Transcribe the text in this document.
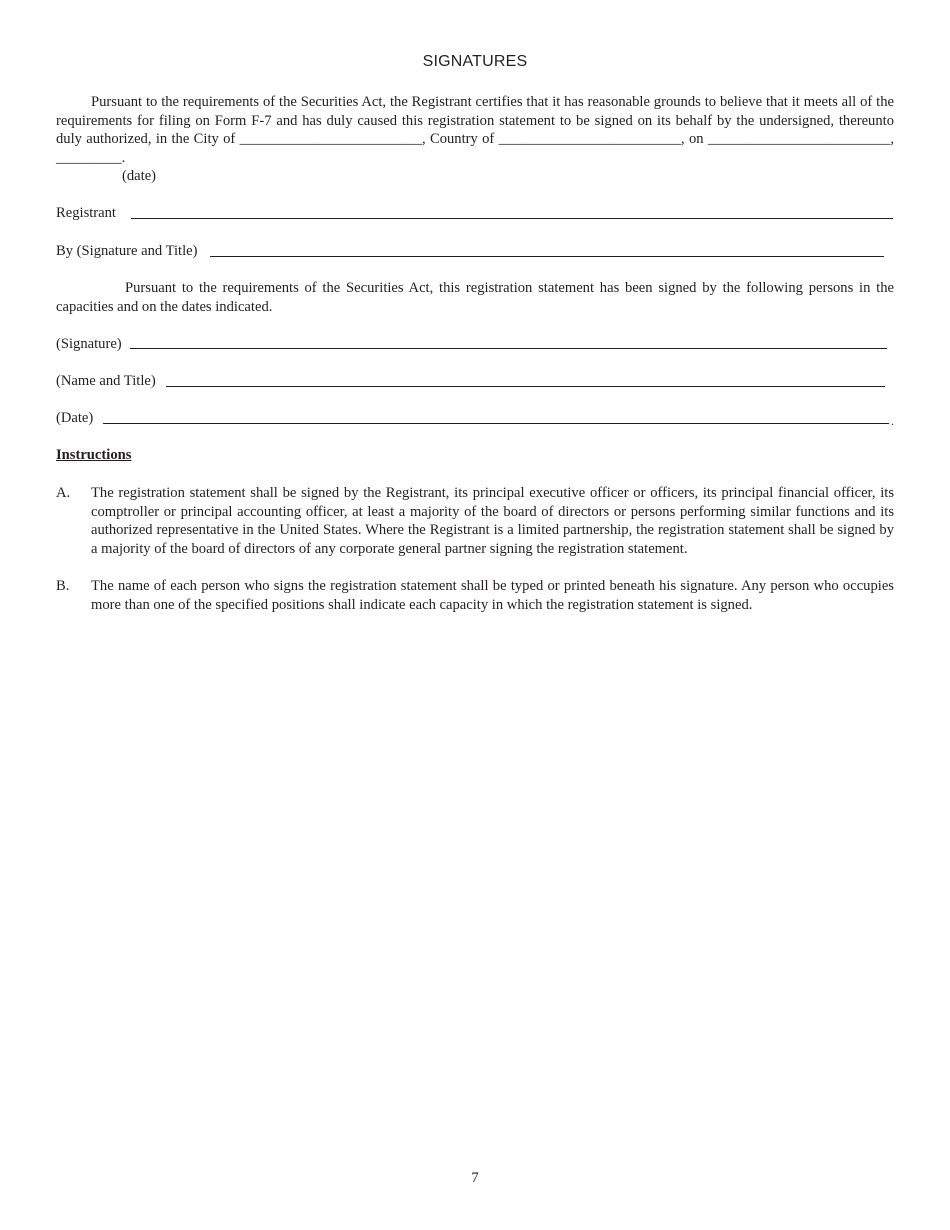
SIGNATURES

Pursuant to the requirements of the Securities Act, the Registrant certifies that it has reasonable grounds to believe that it meets all of the requirements for filing on Form F-7 and has duly caused this registration statement to be signed on its behalf by the undersigned, thereunto duly authorized, in the City of _________________________, Country of _________________________, on _________________________, _________.

(date)
Registrant
By (Signature and Title)

Pursuant to the requirements of the Securities Act, this registration statement has been signed by the following persons in the capacities and on the dates indicated.

(Signature)
(Name and Title)
(Date)	.
Instructions
A. The registration statement shall be signed by the Registrant, its principal executive officer or officers, its principal financial officer, its comptroller or principal accounting officer, at least a majority of the board of directors or persons performing similar functions and its authorized representative in the United States. Where the Registrant is a limited partnership, the registration statement shall be signed by a majority of the board of directors of any corporate general partner signing the registration statement.
B. The name of each person who signs the registration statement shall be typed or printed beneath his signature. Any person who occupies more than one of the specified positions shall indicate each capacity in which the registration statement is signed.
7
